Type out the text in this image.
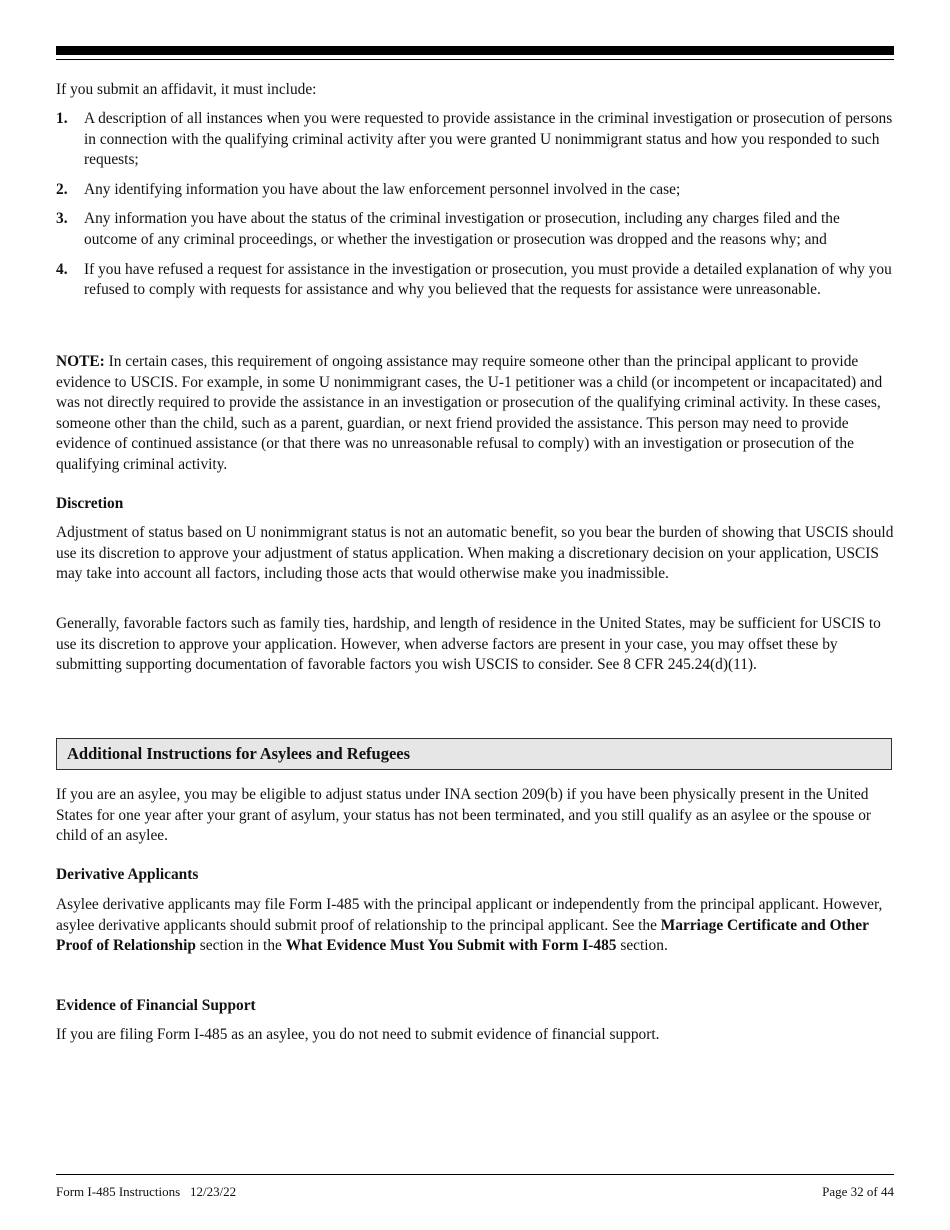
If you submit an affidavit, it must include:

1. A description of all instances when you were requested to provide assistance in the criminal investigation or prosecution of persons in connection with the qualifying criminal activity after you were granted U nonimmigrant status and how you responded to such requests;
2. Any identifying information you have about the law enforcement personnel involved in the case;
3. Any information you have about the status of the criminal investigation or prosecution, including any charges filed and the outcome of any criminal proceedings, or whether the investigation or prosecution was dropped and the reasons why; and
4. If you have refused a request for assistance in the investigation or prosecution, you must provide a detailed explanation of why you refused to comply with requests for assistance and why you believed that the requests for assistance were unreasonable.

NOTE: In certain cases, this requirement of ongoing assistance may require someone other than the principal applicant to provide evidence to USCIS. For example, in some U nonimmigrant cases, the U-1 petitioner was a child (or incompetent or incapacitated) and was not directly required to provide the assistance in an investigation or prosecution of the qualifying criminal activity. In these cases, someone other than the child, such as a parent, guardian, or next friend provided the assistance. This person may need to provide evidence of continued assistance (or that there was no unreasonable refusal to comply) with an investigation or prosecution of the qualifying criminal activity.

Discretion

Adjustment of status based on U nonimmigrant status is not an automatic benefit, so you bear the burden of showing that USCIS should use its discretion to approve your adjustment of status application. When making a discretionary decision on your application, USCIS may take into account all factors, including those acts that would otherwise make you inadmissible.

Generally, favorable factors such as family ties, hardship, and length of residence in the United States, may be sufficient for USCIS to use its discretion to approve your application. However, when adverse factors are present in your case, you may offset these by submitting supporting documentation of favorable factors you wish USCIS to consider. See 8 CFR 245.24(d)(11).

Additional Instructions for Asylees and Refugees

If you are an asylee, you may be eligible to adjust status under INA section 209(b) if you have been physically present in the United States for one year after your grant of asylum, your status has not been terminated, and you still qualify as an asylee or the spouse or child of an asylee.

Derivative Applicants

Asylee derivative applicants may file Form I-485 with the principal applicant or independently from the principal applicant. However, asylee derivative applicants should submit proof of relationship to the principal applicant. See the Marriage Certificate and Other Proof of Relationship section in the What Evidence Must You Submit with Form I-485 section.

Evidence of Financial Support

If you are filing Form I-485 as an asylee, you do not need to submit evidence of financial support.

Form I-485 Instructions   12/23/22	Page 32 of 44
